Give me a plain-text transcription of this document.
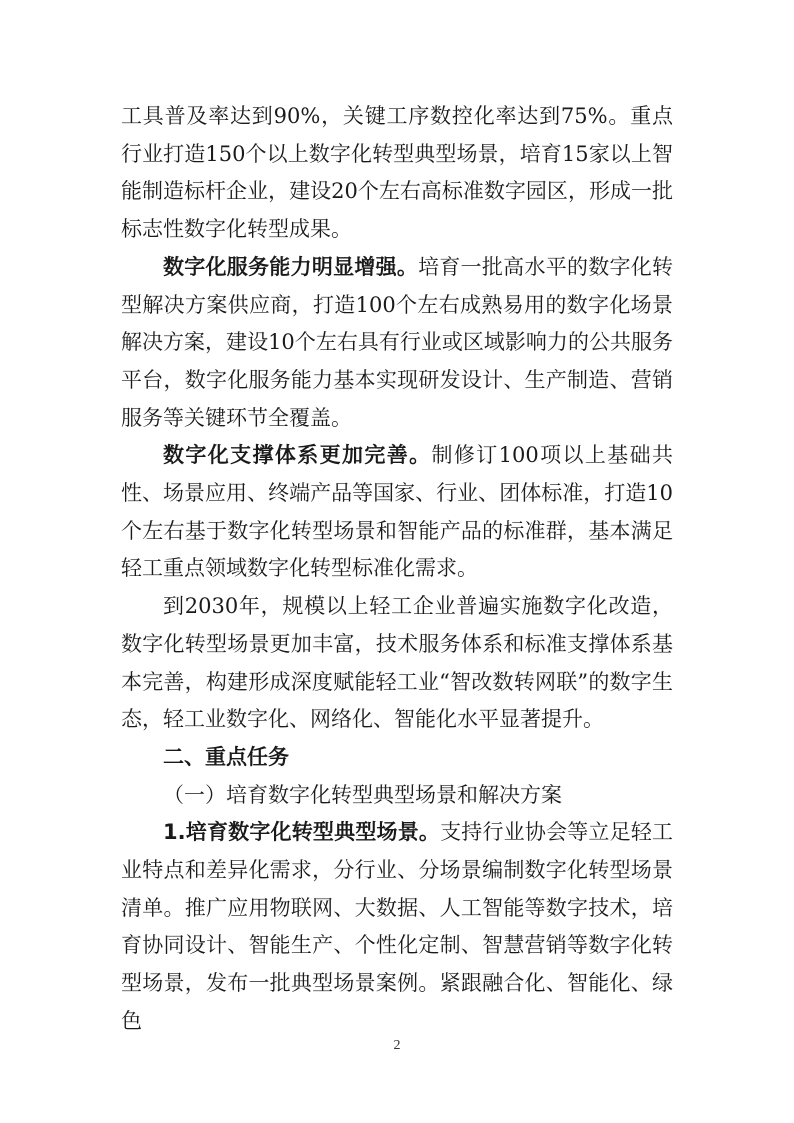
工具普及率达到90%，关键工序数控化率达到75%。重点行业打造150个以上数字化转型典型场景，培育15家以上智能制造标杆企业，建设20个左右高标准数字园区，形成一批标志性数字化转型成果。

数字化服务能力明显增强。培育一批高水平的数字化转型解决方案供应商，打造100个左右成熟易用的数字化场景解决方案，建设10个左右具有行业或区域影响力的公共服务平台，数字化服务能力基本实现研发设计、生产制造、营销服务等关键环节全覆盖。

数字化支撑体系更加完善。制修订100项以上基础共性、场景应用、终端产品等国家、行业、团体标准，打造10个左右基于数字化转型场景和智能产品的标准群，基本满足轻工重点领域数字化转型标准化需求。

到2030年，规模以上轻工企业普遍实施数字化改造，数字化转型场景更加丰富，技术服务体系和标准支撑体系基本完善，构建形成深度赋能轻工业“智改数转网联”的数字生态，轻工业数字化、网络化、智能化水平显著提升。

二、重点任务

（一）培育数字化转型典型场景和解决方案

1.培育数字化转型典型场景。支持行业协会等立足轻工业特点和差异化需求，分行业、分场景编制数字化转型场景清单。推广应用物联网、大数据、人工智能等数字技术，培育协同设计、智能生产、个性化定制、智慧营销等数字化转型场景，发布一批典型场景案例。紧跟融合化、智能化、绿色

2
